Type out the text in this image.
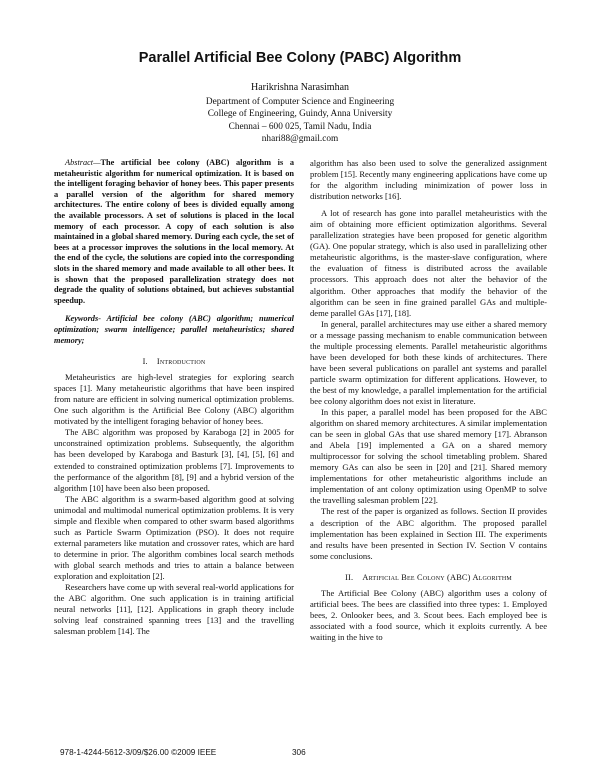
Parallel Artificial Bee Colony (PABC) Algorithm
Harikrishna Narasimhan
Department of Computer Science and Engineering
College of Engineering, Guindy, Anna University
Chennai – 600 025, Tamil Nadu, India
nhari88@gmail.com

Abstract—The artificial bee colony (ABC) algorithm is a metaheuristic algorithm for numerical optimization. It is based on the intelligent foraging behavior of honey bees. This paper presents a parallel version of the algorithm for shared memory architectures. The entire colony of bees is divided equally among the available processors. A set of solutions is placed in the local memory of each processor. A copy of each solution is also maintained in a global shared memory. During each cycle, the set of bees at a processor improves the solutions in the local memory. At the end of the cycle, the solutions are copied into the corresponding slots in the shared memory and made available to all other bees. It is shown that the proposed parallelization strategy does not degrade the quality of solutions obtained, but achieves substantial speedup.

Keywords- Artificial bee colony (ABC) algorithm; numerical optimization; swarm intelligence; parallel metaheuristics; shared memory;

I. Introduction

Metaheuristics are high-level strategies for exploring search spaces [1]. Many metaheuristic algorithms that have been inspired from nature are efficient in solving numerical optimization problems. One such algorithm is the Artificial Bee Colony (ABC) algorithm motivated by the intelligent foraging behavior of honey bees.

The ABC algorithm was proposed by Karaboga [2] in 2005 for unconstrained optimization problems. Subsequently, the algorithm has been developed by Karaboga and Basturk [3], [4], [5], [6] and extended to constrained optimization problems [7]. Improvements to the performance of the algorithm [8], [9] and a hybrid version of the algorithm [10] have been also been proposed.

The ABC algorithm is a swarm-based algorithm good at solving unimodal and multimodal numerical optimization problems. It is very simple and flexible when compared to other swarm based algorithms such as Particle Swarm Optimization (PSO). It does not require external parameters like mutation and crossover rates, which are hard to determine in prior. The algorithm combines local search methods with global search methods and tries to attain a balance between exploration and exploitation [2].

Researchers have come up with several real-world applications for the ABC algorithm. One such application is in training artificial neural networks [11], [12]. Applications in graph theory include solving leaf constrained spanning trees [13] and the travelling salesman problem [14]. The

algorithm has also been used to solve the generalized assignment problem [15]. Recently many engineering applications have come up for the algorithm including minimization of power loss in distribution networks [16].

A lot of research has gone into parallel metaheuristics with the aim of obtaining more efficient optimization algorithms. Several parallelization strategies have been proposed for genetic algorithm (GA). One popular strategy, which is also used in parallelizing other metaheuristic algorithms, is the master-slave configuration, where the evaluation of fitness is distributed across the available processors. This approach does not alter the behavior of the algorithm. Other approaches that modify the behavior of the algorithm can be seen in fine grained parallel GAs and multiple-deme parallel GAs [17], [18].

In general, parallel architectures may use either a shared memory or a message passing mechanism to enable communication between the multiple processing elements. Parallel metaheuristic algorithms have been developed for both these kinds of architectures. There have been several publications on parallel ant systems and parallel particle swarm optimization for different applications. However, to the best of my knowledge, a parallel implementation for the artificial bee colony algorithm does not exist in literature.

In this paper, a parallel model has been proposed for the ABC algorithm on shared memory architectures. A similar implementation can be seen in global GAs that use shared memory [17]. Abranson and Abela [19] implemented a GA on a shared memory multiprocessor for solving the school timetabling problem. Shared memory GAs can also be seen in [20] and [21]. Shared memory implementations for other metaheuristic algorithms include an implementation of ant colony optimization using OpenMP to solve the travelling salesman problem [22].

The rest of the paper is organized as follows. Section II provides a description of the ABC algorithm. The proposed parallel implementation has been explained in Section III. The experiments and results have been presented in Section IV. Section V contains some conclusions.

II. Artificial Bee Colony (ABC) Algorithm

The Artificial Bee Colony (ABC) algorithm uses a colony of artificial bees. The bees are classified into three types: 1. Employed bees, 2. Onlooker bees, and 3. Scout bees. Each employed bee is associated with a food source, which it exploits currently. A bee waiting in the hive to

978-1-4244-5612-3/09/$26.00 ©2009 IEEE	306
